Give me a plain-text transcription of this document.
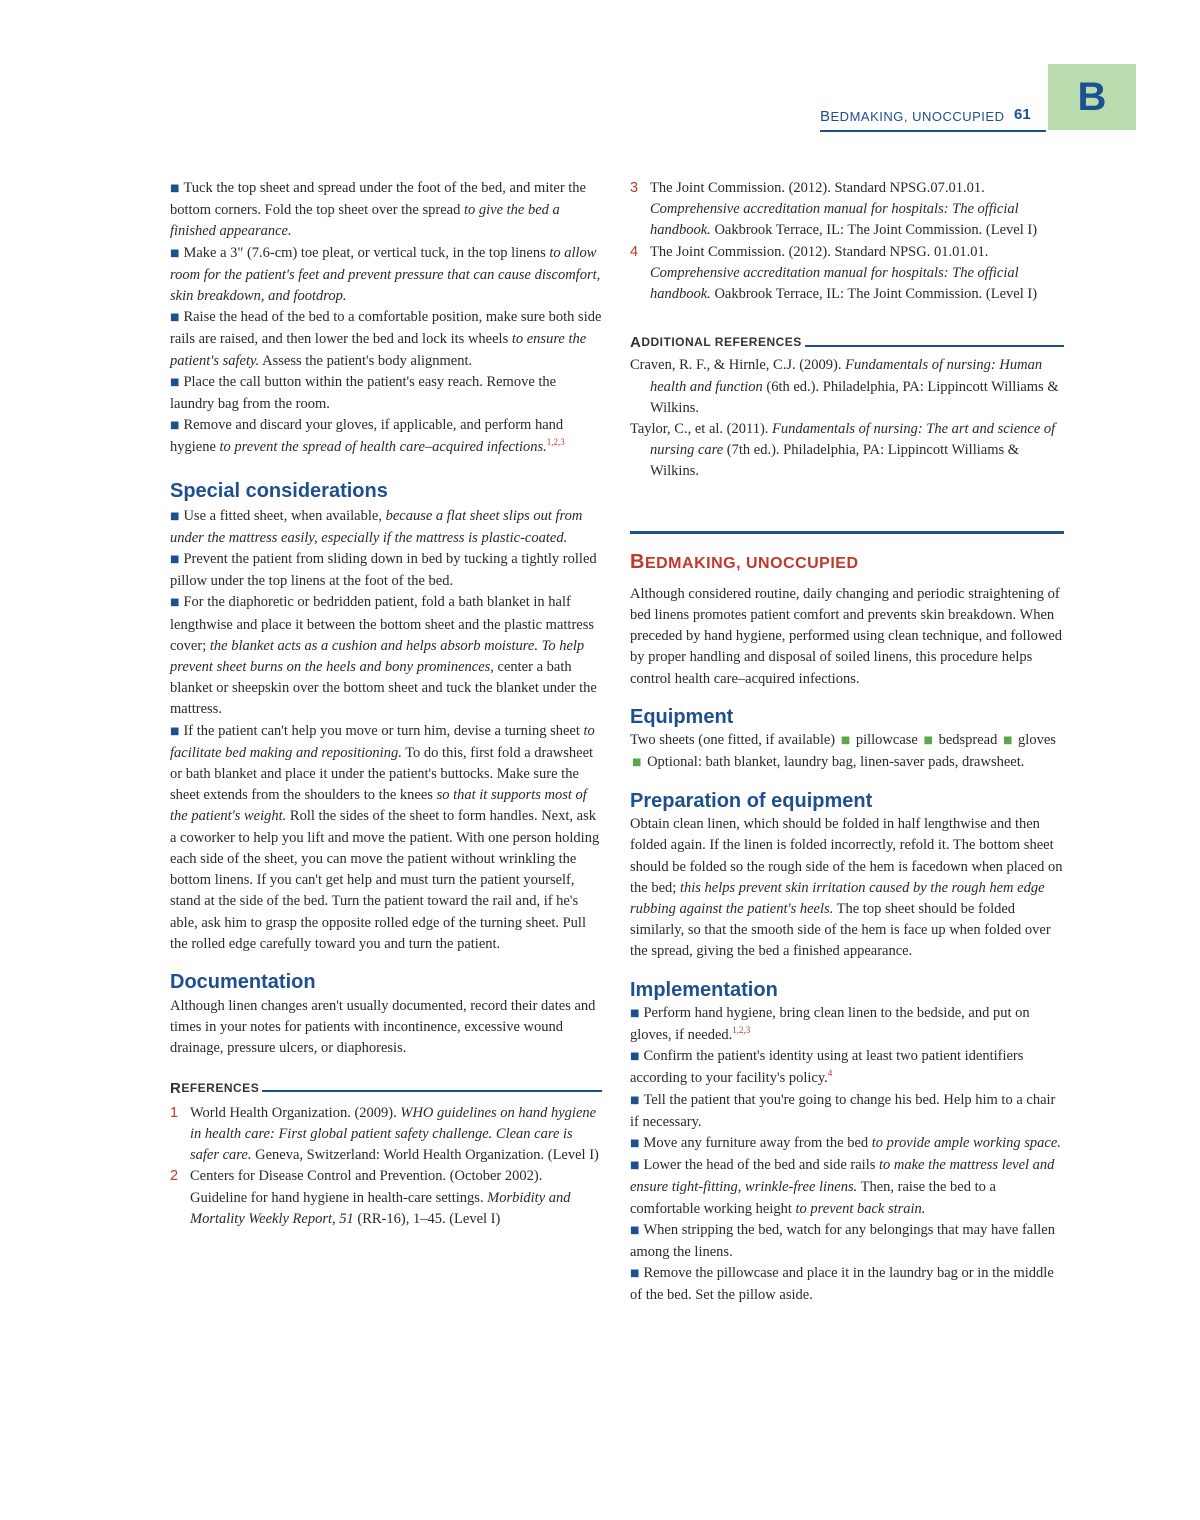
BEDMAKING, UNOCCUPIED 61	B

■ Tuck the top sheet and spread under the foot of the bed, and miter the bottom corners. Fold the top sheet over the spread to give the bed a finished appearance.

■ Make a 3" (7.6-cm) toe pleat, or vertical tuck, in the top linens to allow room for the patient's feet and prevent pressure that can cause discomfort, skin breakdown, and footdrop.

■ Raise the head of the bed to a comfortable position, make sure both side rails are raised, and then lower the bed and lock its wheels to ensure the patient's safety. Assess the patient's body alignment.

■ Place the call button within the patient's easy reach. Remove the laundry bag from the room.

■ Remove and discard your gloves, if applicable, and perform hand hygiene to prevent the spread of health care–acquired infections.$^{1,2,3}$

Special considerations

■ Use a fitted sheet, when available, because a flat sheet slips out from under the mattress easily, especially if the mattress is plastic-coated.

■ Prevent the patient from sliding down in bed by tucking a tightly rolled pillow under the top linens at the foot of the bed.

■ For the diaphoretic or bedridden patient, fold a bath blanket in half lengthwise and place it between the bottom sheet and the plastic mattress cover; the blanket acts as a cushion and helps absorb moisture. To help prevent sheet burns on the heels and bony prominences, center a bath blanket or sheepskin over the bottom sheet and tuck the blanket under the mattress.

■ If the patient can't help you move or turn him, devise a turning sheet to facilitate bed making and repositioning. To do this, first fold a drawsheet or bath blanket and place it under the patient's buttocks. Make sure the sheet extends from the shoulders to the knees so that it supports most of the patient's weight. Roll the sides of the sheet to form handles. Next, ask a coworker to help you lift and move the patient. With one person holding each side of the sheet, you can move the patient without wrinkling the bottom linens. If you can't get help and must turn the patient yourself, stand at the side of the bed. Turn the patient toward the rail and, if he's able, ask him to grasp the opposite rolled edge of the turning sheet. Pull the rolled edge carefully toward you and turn the patient.

Documentation

Although linen changes aren't usually documented, record their dates and times in your notes for patients with incontinence, excessive wound drainage, pressure ulcers, or diaphoresis.

R EFERENCES
1 World Health Organization. (2009). WHO guidelines on hand hygiene in health care: First global patient safety challenge. Clean care is safer care. Geneva, Switzerland: World Health Organization. (Level I)
2 Centers for Disease Control and Prevention. (October 2002). Guideline for hand hygiene in health-care settings. Morbidity and Mortality Weekly Report, 51 (RR-16), 1–45. (Level I)
3 The Joint Commission. (2012). Standard NPSG.07.01.01. Comprehensive accreditation manual for hospitals: The official handbook. Oakbrook Terrace, IL: The Joint Commission. (Level I)
4 The Joint Commission. (2012). Standard NPSG. 01.01.01. Comprehensive accreditation manual for hospitals: The official handbook. Oakbrook Terrace, IL: The Joint Commission. (Level I)
A DDITIONAL REFERENCES

Craven, R. F., & Hirnle, C.J. (2009). Fundamentals of nursing: Human health and function (6th ed.). Philadelphia, PA: Lippincott Williams & Wilkins.

Taylor, C., et al. (2011). Fundamentals of nursing: The art and science of nursing care (7th ed.). Philadelphia, PA: Lippincott Williams & Wilkins.

BEDMAKING, UNOCCUPIED

Although considered routine, daily changing and periodic straightening of bed linens promotes patient comfort and prevents skin breakdown. When preceded by hand hygiene, performed using clean technique, and followed by proper handling and disposal of soiled linens, this procedure helps control health care–acquired infections.

Equipment

Two sheets (one fitted, if available) ■ pillowcase ■ bedspread ■ gloves ■ Optional: bath blanket, laundry bag, linen-saver pads, drawsheet.

Preparation of equipment

Obtain clean linen, which should be folded in half lengthwise and then folded again. If the linen is folded incorrectly, refold it. The bottom sheet should be folded so the rough side of the hem is facedown when placed on the bed; this helps prevent skin irritation caused by the rough hem edge rubbing against the patient's heels. The top sheet should be folded similarly, so that the smooth side of the hem is face up when folded over the spread, giving the bed a finished appearance.

Implementation

■ Perform hand hygiene, bring clean linen to the bedside, and put on gloves, if needed.$^{1,2,3}$

■ Confirm the patient's identity using at least two patient identifiers according to your facility's policy.$^4$

■ Tell the patient that you're going to change his bed. Help him to a chair if necessary.

■ Move any furniture away from the bed to provide ample working space.

■ Lower the head of the bed and side rails to make the mattress level and ensure tight-fitting, wrinkle-free linens. Then, raise the bed to a comfortable working height to prevent back strain.

■ When stripping the bed, watch for any belongings that may have fallen among the linens.

■ Remove the pillowcase and place it in the laundry bag or in the middle of the bed. Set the pillow aside.
